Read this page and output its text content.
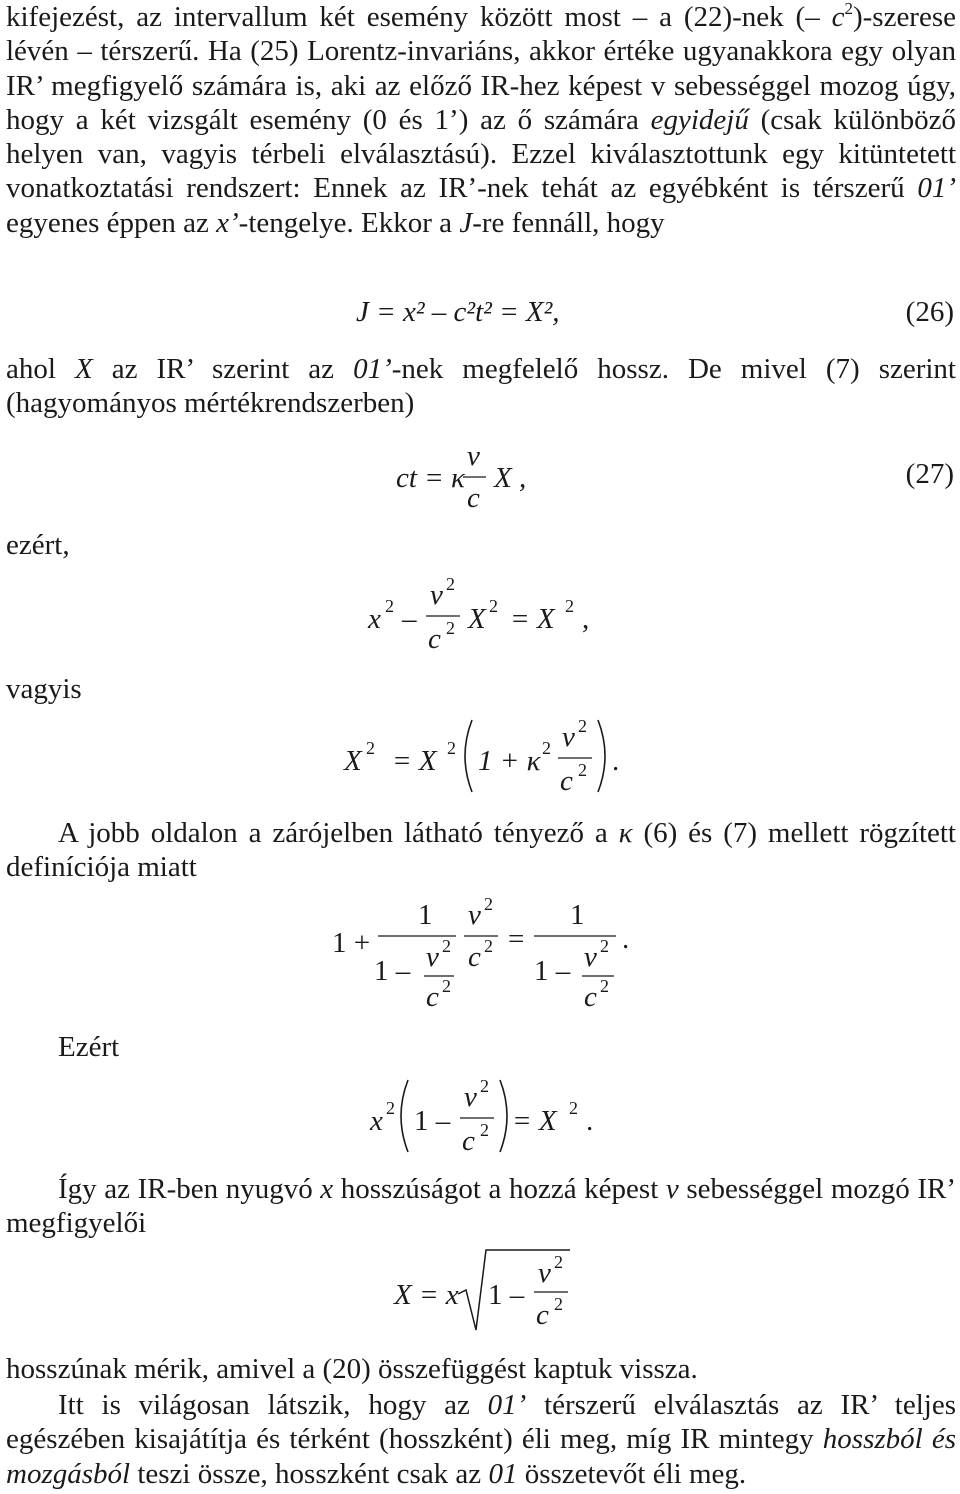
kifejezést, az intervallum két esemény között most – a (22)-nek (– $c^2$)-szerese lévén – térszerű. Ha (25) Lorentz-invariáns, akkor értéke ugyanakkora egy olyan IR’ megfigyelő számára is, aki az előző IR-hez képest v sebességgel mozog úgy, hogy a két vizsgált esemény (0 és 1’) az ő számára egyidejű (csak különböző helyen van, vagyis térbeli elválasztású). Ezzel kiválasztottunk egy kitüntetett vonatkoztatási rendszert: Ennek az IR’-nek tehát az egyébként is térszerű 01’ egyenes éppen az x’-tengelye. Ekkor a J-re fennáll, hogy

J = x² – c²t² = X²,	(26)

ahol X az IR’ szerint az 01’-nek megfelelő hossz. De mivel (7) szerint (hagyományos mértékrendszerben)

ct = κ
v
c
X ,	(27)
ezért,
x 2 –
v 2
c 2 X 2 = X 2 ,
vagyis
X 2 = X 2 1 + κ 2 v 2
c 2 .

A jobb oldalon a zárójelben látható tényező a κ (6) és (7) mellett rögzített definíciója miatt

1 +
1
1 – v 2
c 2
v 2
c 2 =
1
1 – v 2
c 2
.
Ezért
x 2 1 –
v 2
c 2 = X 2 .

Így az IR-ben nyugvó x hosszúságot a hozzá képest v sebességgel mozgó IR’ megfigyelői

X = x 1 –
v 2
c 2

hosszúnak mérik, amivel a (20) összefüggést kaptuk vissza.

Itt is világosan látszik, hogy az 01’ térszerű elválasztás az IR’ teljes egészében kisajátítja és térként (hosszként) éli meg, míg IR mintegy hosszból és mozgásból teszi össze, hosszként csak az 01 összetevőt éli meg.
